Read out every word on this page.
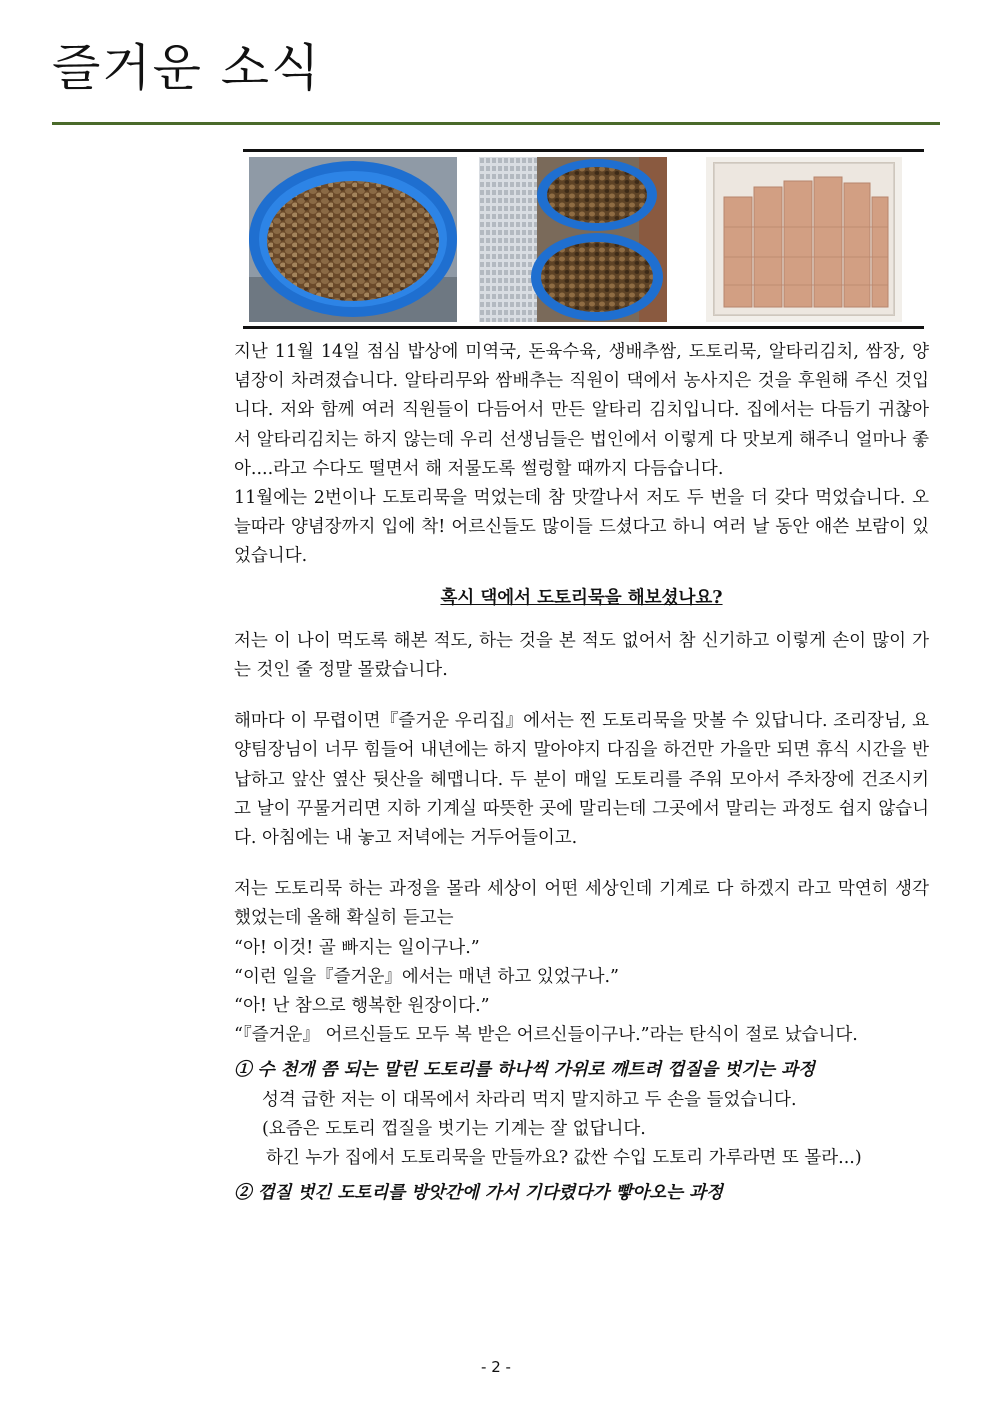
즐거운 소식

지난 11월 14일 점심 밥상에 미역국, 돈육수육, 생배추쌈, 도토리묵, 알타리김치, 쌈장, 양념장이 차려졌습니다. 알타리무와 쌈배추는 직원이 댁에서 농사지은 것을 후원해 주신 것입니다. 저와 함께 여러 직원들이 다듬어서 만든 알타리 김치입니다. 집에서는 다듬기 귀찮아서 알타리김치는 하지 않는데 우리 선생님들은 법인에서 이렇게 다 맛보게 해주니 얼마나 좋아....라고 수다도 떨면서 해 저물도록 썰렁할 때까지 다듬습니다.

11월에는 2번이나 도토리묵을 먹었는데 참 맛깔나서 저도 두 번을 더 갖다 먹었습니다. 오늘따라 양념장까지 입에 착! 어르신들도 많이들 드셨다고 하니 여러 날 동안 애쓴 보람이 있었습니다.

혹시 댁에서 도토리묵을 해보셨나요?

저는 이 나이 먹도록 해본 적도, 하는 것을 본 적도 없어서 참 신기하고 이렇게 손이 많이 가는 것인 줄 정말 몰랐습니다.

해마다 이 무렵이면『즐거운 우리집』에서는 찐 도토리묵을 맛볼 수 있답니다. 조리장님, 요양팀장님이 너무 힘들어 내년에는 하지 말아야지 다짐을 하건만 가을만 되면 휴식 시간을 반납하고 앞산 옆산 뒷산을 헤맵니다. 두 분이 매일 도토리를 주워 모아서 주차장에 건조시키고 날이 꾸물거리면 지하 기계실 따뜻한 곳에 말리는데 그곳에서 말리는 과정도 쉽지 않습니다. 아침에는 내 놓고 저녁에는 거두어들이고.

저는 도토리묵 하는 과정을 몰라 세상이 어떤 세상인데 기계로 다 하겠지 라고 막연히 생각했었는데 올해 확실히 듣고는

“아! 이것! 골 빠지는 일이구나.”
“이런 일을『즐거운』에서는 매년 하고 있었구나.”
“아! 난 참으로 행복한 원장이다.”
“『즐거운』 어르신들도 모두 복 받은 어르신들이구나.”라는 탄식이 절로 났습니다.

① 수 천개 쯤 되는 말린 도토리를 하나씩 가위로 깨트려 껍질을 벗기는 과정

성격 급한 저는 이 대목에서 차라리 먹지 말지하고 두 손을 들었습니다.

(요즘은 도토리 껍질을 벗기는 기계는 잘 없답니다.

하긴 누가 집에서 도토리묵을 만들까요? 값싼 수입 도토리 가루라면 또 몰라...)

② 껍질 벗긴 도토리를 방앗간에 가서 기다렸다가 빻아오는 과정

- 2 -
